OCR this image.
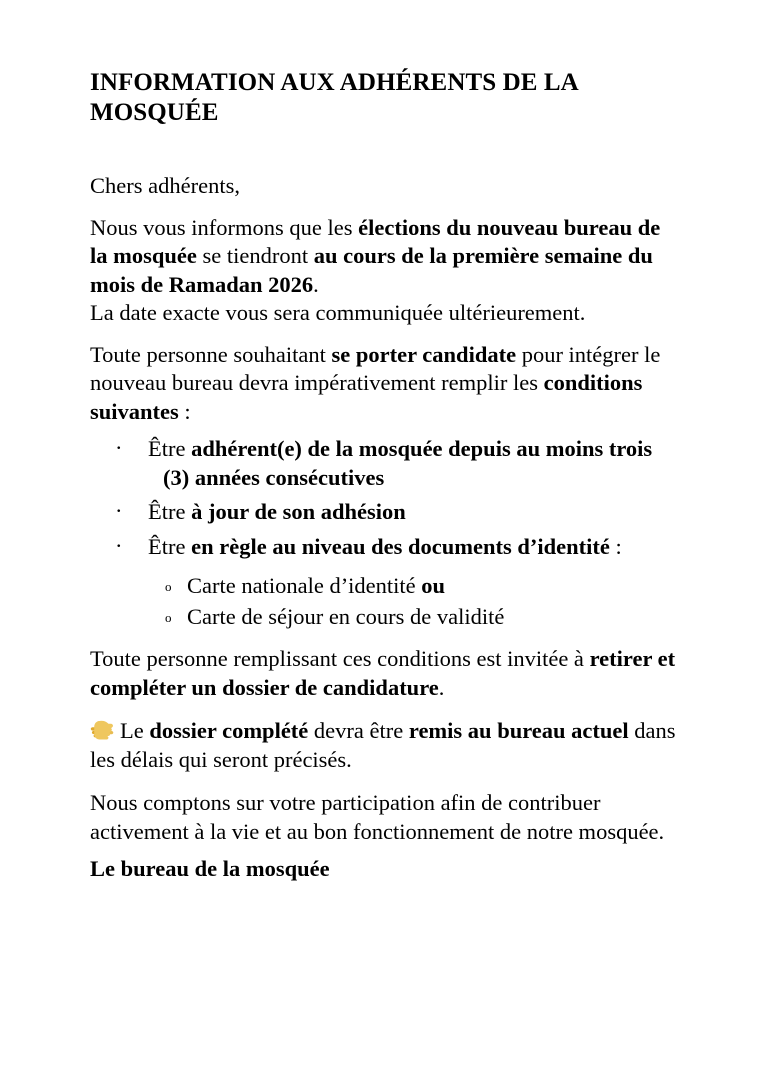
INFORMATION AUX ADHÉRENTS DE LA MOSQUÉE

Chers adhérents,

Nous vous informons que les élections du nouveau bureau de la mosquée se tiendront au cours de la première semaine du mois de Ramadan 2026.

La date exacte vous sera communiquée ultérieurement.

Toute personne souhaitant se porter candidate pour intégrer le nouveau bureau devra impérativement remplir les conditions suivantes :

· Être adhérent(e) de la mosquée depuis au moins trois
(3) années consécutives
· Être à jour de son adhésion
· Être en règle au niveau des documents d’identité :
o Carte nationale d’identité ou
o Carte de séjour en cours de validité

Toute personne remplissant ces conditions est invitée à retirer et compléter un dossier de candidature.

Le dossier complété devra être remis au bureau actuel dans les délais qui seront précisés.

Nous comptons sur votre participation afin de contribuer activement à la vie et au bon fonctionnement de notre mosquée.

Le bureau de la mosquée
